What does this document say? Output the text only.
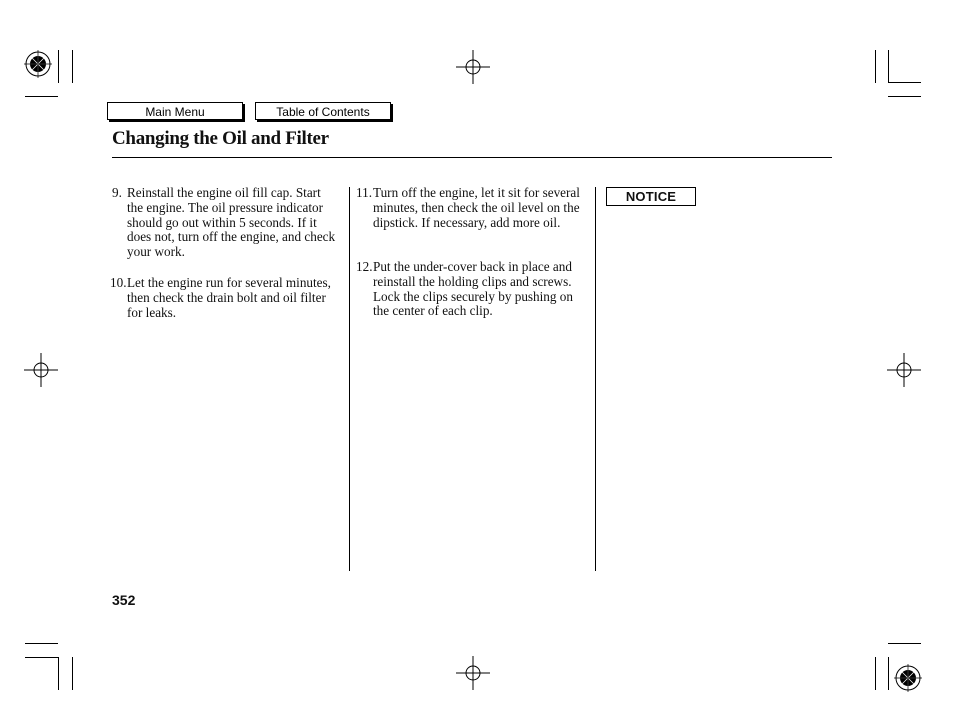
Main Menu	Table of Contents
Changing the Oil and Filter
9. Reinstall the engine oil fill cap. Start the engine. The oil pressure indicator should go out within 5 seconds. If it does not, turn off the engine, and check your work.
10. Let the engine run for several minutes, then check the drain bolt and oil filter for leaks.
11. Turn off the engine, let it sit for several minutes, then check the oil level on the dipstick. If necessary, add more oil.
12. Put the under-cover back in place and reinstall the holding clips and screws. Lock the clips securely by pushing on the center of each clip.
NOTICE
352
